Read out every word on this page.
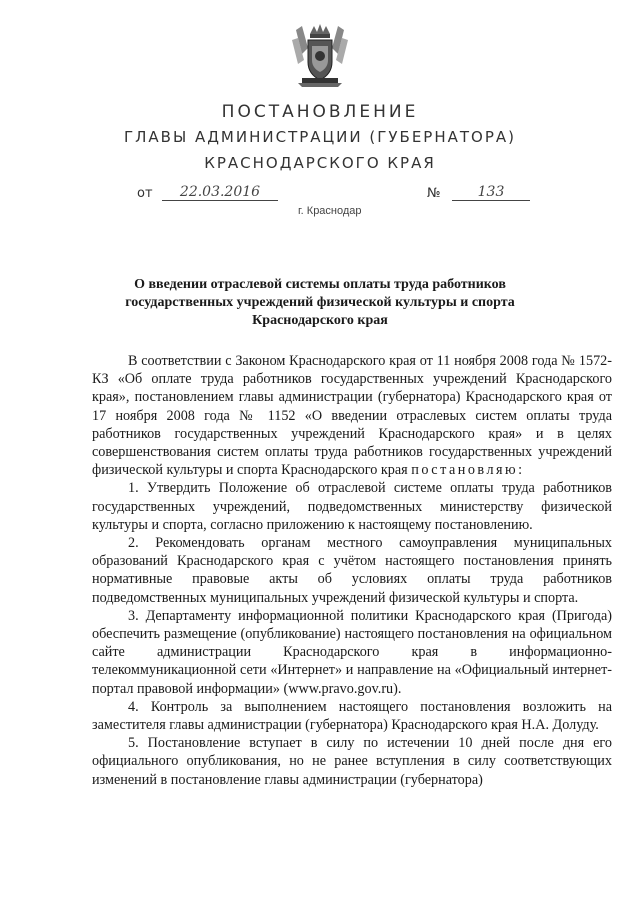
ПОСТАНОВЛЕНИЕ
ГЛАВЫ АДМИНИСТРАЦИИ (ГУБЕРНАТОРА)
КРАСНОДАРСКОГО КРАЯ
от	22.03.2016	№	133
г. Краснодар
О введении отраслевой системы оплаты труда работников государственных учреждений физической культуры и спорта Краснодарского края

В соответствии с Законом Краснодарского края от 11 ноября 2008 года № 1572-КЗ «Об оплате труда работников государственных учреждений Краснодарского края», постановлением главы администрации (губернатора) Краснодарского края от 17 ноября 2008 года № 1152 «О введении отраслевых систем оплаты труда работников государственных учреждений Краснодарского края» и в целях совершенствования систем оплаты труда работников государственных учреждений физической культуры и спорта Краснодарского края постановляю:

1. Утвердить Положение об отраслевой системе оплаты труда работников государственных учреждений, подведомственных министерству физической культуры и спорта, согласно приложению к настоящему постановлению.

2. Рекомендовать органам местного самоуправления муниципальных образований Краснодарского края с учётом настоящего постановления принять нормативные правовые акты об условиях оплаты труда работников подведомственных муниципальных учреждений физической культуры и спорта.

3. Департаменту информационной политики Краснодарского края (Пригода) обеспечить размещение (опубликование) настоящего постановления на официальном сайте администрации Краснодарского края в информационно-телекоммуникационной сети «Интернет» и направление на «Официальный интернет-портал правовой информации» (www.pravo.gov.ru).

4. Контроль за выполнением настоящего постановления возложить на заместителя главы администрации (губернатора) Краснодарского края Н.А. Долуду.

5. Постановление вступает в силу по истечении 10 дней после дня его официального опубликования, но не ранее вступления в силу соответствующих изменений в постановление главы администрации (губернатора)
